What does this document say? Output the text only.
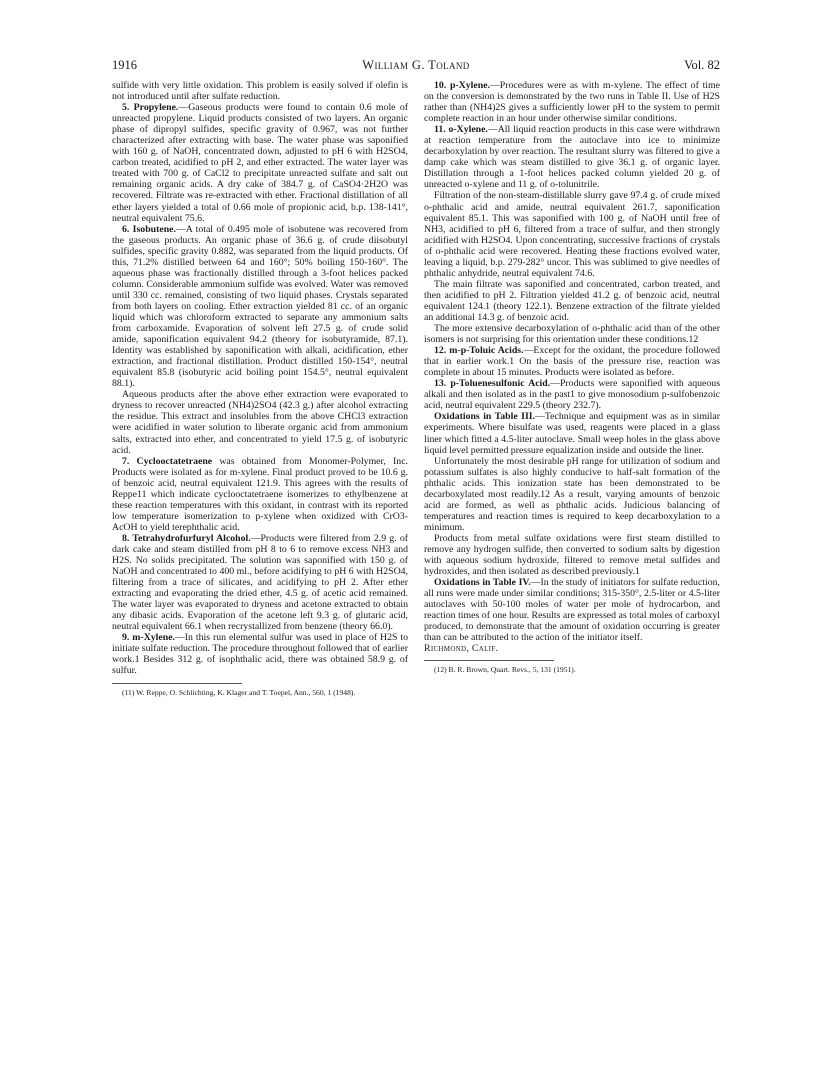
1916	William G. Toland	Vol. 82

sulfide with very little oxidation. This problem is easily solved if olefin is not introduced until after sulfate reduction.

5. Propylene.—Gaseous products were found to contain 0.6 mole of unreacted propylene. Liquid products consisted of two layers. An organic phase of dipropyl sulfides, specific gravity of 0.967, was not further characterized after extracting with base. The water phase was saponified with 160 g. of NaOH, concentrated down, adjusted to pH 6 with H2SO4, carbon treated, acidified to pH 2, and ether extracted. The water layer was treated with 700 g. of CaCl2 to precipitate unreacted sulfate and salt out remaining organic acids. A dry cake of 384.7 g. of CaSO4·2H2O was recovered. Filtrate was re-extracted with ether. Fractional distillation of all ether layers yielded a total of 0.66 mole of propionic acid, b.p. 138-141°, neutral equivalent 75.6.

6. Isobutene.—A total of 0.495 mole of isobutene was recovered from the gaseous products. An organic phase of 36.6 g. of crude diisobutyl sulfides, specific gravity 0.882, was separated from the liquid products. Of this, 71.2% distilled between 64 and 160°; 50% boiling 150-160°. The aqueous phase was fractionally distilled through a 3-foot helices packed column. Considerable ammonium sulfide was evolved. Water was removed until 330 cc. remained, consisting of two liquid phases. Crystals separated from both layers on cooling. Ether extraction yielded 81 cc. of an organic liquid which was chloroform extracted to separate any ammonium salts from carboxamide. Evaporation of solvent left 27.5 g. of crude solid amide, saponification equivalent 94.2 (theory for isobutyramide, 87.1). Identity was established by saponification with alkali, acidification, ether extraction, and fractional distillation. Product distilled 150-154°, neutral equivalent 85.8 (isobutyric acid boiling point 154.5°, neutral equivalent 88.1).

Aqueous products after the above ether extraction were evaporated to dryness to recover unreacted (NH4)2SO4 (42.3 g.) after alcohol extracting the residue. This extract and insolubles from the above CHCl3 extraction were acidified in water solution to liberate organic acid from ammonium salts, extracted into ether, and concentrated to yield 17.5 g. of isobutyric acid.

7. Cyclooctatetraene was obtained from Monomer-Polymer, Inc. Products were isolated as for m-xylene. Final product proved to be 10.6 g. of benzoic acid, neutral equivalent 121.9. This agrees with the results of Reppe11 which indicate cyclooctatetraene isomerizes to ethylbenzene at these reaction temperatures with this oxidant, in contrast with its reported low temperature isomerization to p-xylene when oxidized with CrO3-AcOH to yield terephthalic acid.

8. Tetrahydrofurfuryl Alcohol.—Products were filtered from 2.9 g. of dark cake and steam distilled from pH 8 to 6 to remove excess NH3 and H2S. No solids precipitated. The solution was saponified with 150 g. of NaOH and concentrated to 400 ml., before acidifying to pH 6 with H2SO4, filtering from a trace of silicates, and acidifying to pH 2. After ether extracting and evaporating the dried ether, 4.5 g. of acetic acid remained. The water layer was evaporated to dryness and acetone extracted to obtain any dibasic acids. Evaporation of the acetone left 9.3 g. of glutaric acid, neutral equivalent 66.1 when recrystallized from benzene (theory 66.0).

9. m-Xylene.—In this run elemental sulfur was used in place of H2S to initiate sulfate reduction. The procedure throughout followed that of earlier work.1 Besides 312 g. of isophthalic acid, there was obtained 58.9 g. of sulfur.

(11) W. Reppe, O. Schlichting, K. Klager and T. Toepel, Ann., 560, 1 (1948).

10. p-Xylene.—Procedures were as with m-xylene. The effect of time on the conversion is demonstrated by the two runs in Table II. Use of H2S rather than (NH4)2S gives a sufficiently lower pH to the system to permit complete reaction in an hour under otherwise similar conditions.

11. o-Xylene.—All liquid reaction products in this case were withdrawn at reaction temperature from the autoclave into ice to minimize decarboxylation by over reaction. The resultant slurry was filtered to give a damp cake which was steam distilled to give 36.1 g. of organic layer. Distillation through a 1-foot helices packed column yielded 20 g. of unreacted o-xylene and 11 g. of o-tolunitrile.

Filtration of the non-steam-distillable slurry gave 97.4 g. of crude mixed o-phthalic acid and amide, neutral equivalent 261.7, saponification equivalent 85.1. This was saponified with 100 g. of NaOH until free of NH3, acidified to pH 6, filtered from a trace of sulfur, and then strongly acidified with H2SO4. Upon concentrating, successive fractions of crystals of o-phthalic acid were recovered. Heating these fractions evolved water, leaving a liquid, b.p. 279-282° uncor. This was sublimed to give needles of phthalic anhydride, neutral equivalent 74.6.

The main filtrate was saponified and concentrated, carbon treated, and then acidified to pH 2. Filtration yielded 41.2 g. of benzoic acid, neutral equivalent 124.1 (theory 122.1). Benzene extraction of the filtrate yielded an additional 14.3 g. of benzoic acid.

The more extensive decarboxylation of o-phthalic acid than of the other isomers is not surprising for this orientation under these conditions.12

12. m-p-Toluic Acids.—Except for the oxidant, the procedure followed that in earlier work.1 On the basis of the pressure rise, reaction was complete in about 15 minutes. Products were isolated as before.

13. p-Toluenesulfonic Acid.—Products were saponified with aqueous alkali and then isolated as in the past1 to give monosodium p-sulfobenzoic acid, neutral equivalent 229.5 (theory 232.7).

Oxidations in Table III.—Technique and equipment was as in similar experiments. Where bisulfate was used, reagents were placed in a glass liner which fitted a 4.5-liter autoclave. Small weep holes in the glass above liquid level permitted pressure equalization inside and outside the liner.

Unfortunately the most desirable pH range for utilization of sodium and potassium sulfates is also highly conducive to half-salt formation of the phthalic acids. This ionization state has been demonstrated to be decarboxylated most readily.12 As a result, varying amounts of benzoic acid are formed, as well as phthalic acids. Judicious balancing of temperatures and reaction times is required to keep decarboxylation to a minimum.

Products from metal sulfate oxidations were first steam distilled to remove any hydrogen sulfide, then converted to sodium salts by digestion with aqueous sodium hydroxide, filtered to remove metal sulfides and hydroxides, and then isolated as described previously.1

Oxidations in Table IV.—In the study of initiators for sulfate reduction, all runs were made under similar conditions; 315-350°, 2.5-liter or 4.5-liter autoclaves with 50-100 moles of water per mole of hydrocarbon, and reaction times of one hour. Results are expressed as total moles of carboxyl produced, to demonstrate that the amount of oxidation occurring is greater than can be attributed to the action of the initiator itself.

Richmond, Calif.

(12) B. R. Brown, Quart. Revs., 5, 131 (1951).
